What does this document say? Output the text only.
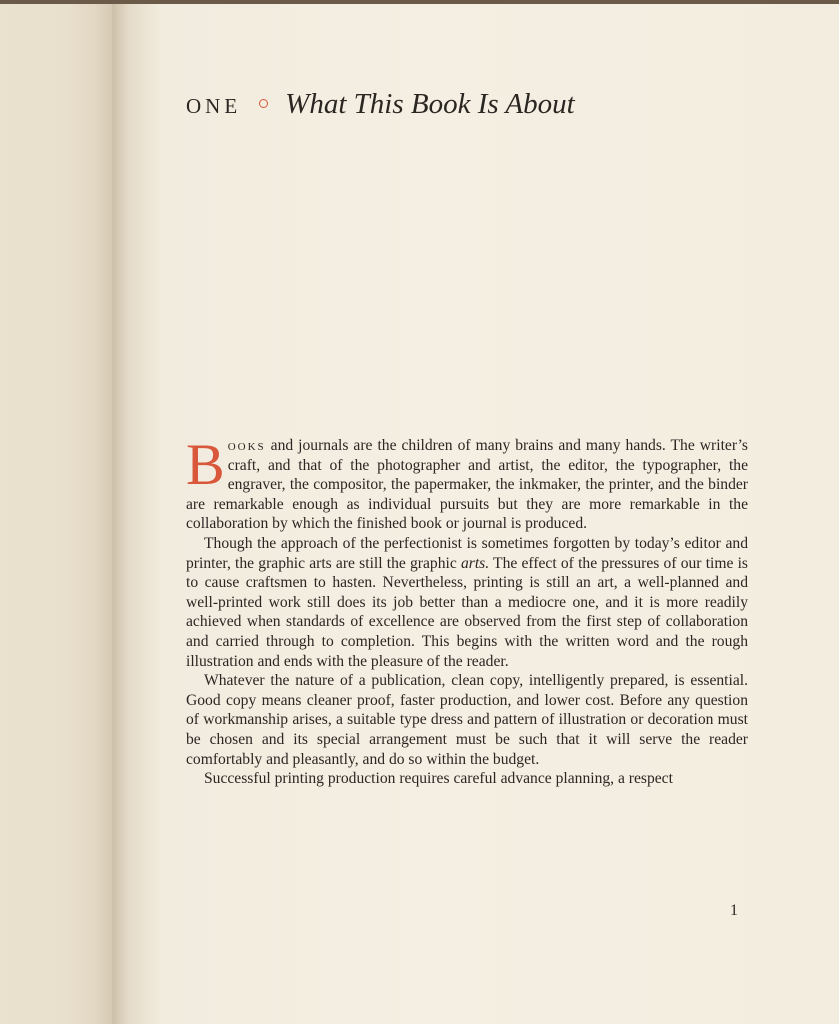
ONE What This Book Is About

Books and journals are the children of many brains and many hands. The writer’s craft, and that of the photographer and artist, the editor, the typographer, the engraver, the compositor, the papermaker, the inkmaker, the printer, and the binder are remarkable enough as individual pursuits but they are more remarkable in the collaboration by which the finished book or journal is produced.

Though the approach of the perfectionist is sometimes forgotten by today’s editor and printer, the graphic arts are still the graphic arts. The effect of the pressures of our time is to cause craftsmen to hasten. Nevertheless, printing is still an art, a well-planned and well-printed work still does its job better than a mediocre one, and it is more readily achieved when standards of excellence are observed from the first step of collaboration and carried through to completion. This begins with the written word and the rough illustration and ends with the pleasure of the reader.

Whatever the nature of a publication, clean copy, intelligently prepared, is essential. Good copy means cleaner proof, faster production, and lower cost. Before any question of workmanship arises, a suitable type dress and pattern of illustration or decoration must be chosen and its special arrangement must be such that it will serve the reader comfortably and pleasantly, and do so within the budget.

Successful printing production requires careful advance planning, a respect

1
